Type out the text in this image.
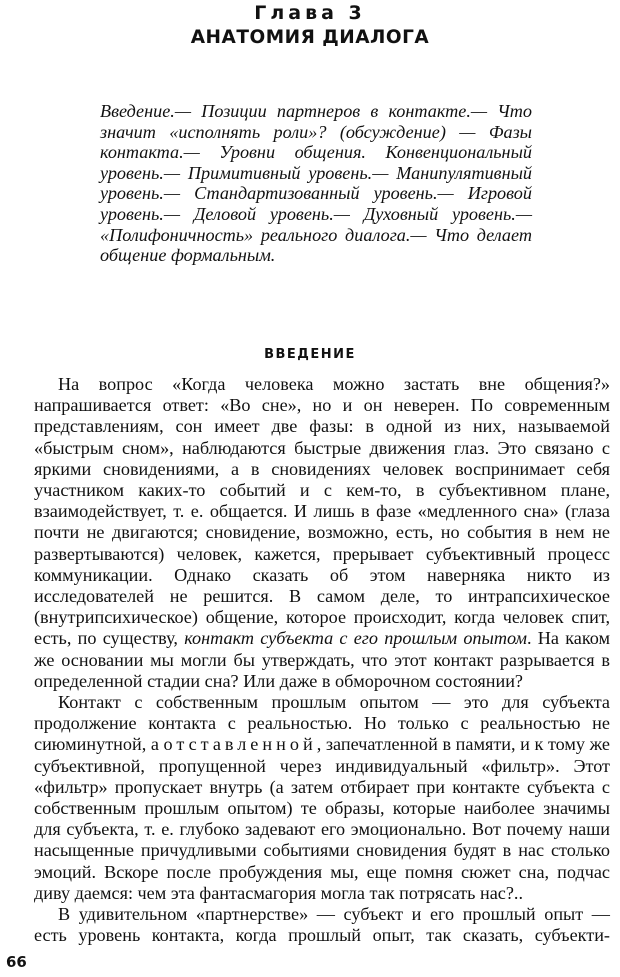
Глава 3
АНАТОМИЯ ДИАЛОГА
Введение.— Позиции партнеров в контакте.— Что значит «исполнять роли»? (обсуждение) — Фазы контакта.— Уровни общения. Конвенциональный уровень.— Примитивный уровень.— Манипулятивный уровень.— Стандартизованный уровень.— Игровой уровень.— Деловой уровень.— Духовный уровень.— «Полифоничность» реального диалога.— Что делает общение формальным.
ВВЕДЕНИЕ

На вопрос «Когда человека можно застать вне общения?» напрашивается ответ: «Во сне», но и он неверен. По современным представлениям, сон имеет две фазы: в одной из них, называемой «быстрым сном», наблюдаются быстрые движения глаз. Это связано с яркими сновидениями, а в сновидениях человек воспринимает себя участником каких-то событий и с кем-то, в субъективном плане, взаимодействует, т. е. общается. И лишь в фазе «медленного сна» (глаза почти не двигаются; сновидение, возможно, есть, но события в нем не развертываются) человек, кажется, прерывает субъективный процесс коммуникации. Однако сказать об этом наверняка никто из исследователей не решится. В самом деле, то интрапсихическое (внутрипсихическое) общение, которое происходит, когда человек спит, есть, по существу, контакт субъекта с его прошлым опытом. На каком же основании мы могли бы утверждать, что этот контакт разрывается в определенной стадии сна? Или даже в обморочном состоянии?

Контакт с собственным прошлым опытом — это для субъекта продолжение контакта с реальностью. Но только с реальностью не сиюминутной, а отставленной, запечатленной в памяти, и к тому же субъективной, пропущенной через индивидуальный «фильтр». Этот «фильтр» пропускает внутрь (а затем отбирает при контакте субъекта с собственным прошлым опытом) те образы, которые наиболее значимы для субъекта, т. е. глубоко задевают его эмоционально. Вот почему наши насыщенные причудливыми событиями сновидения будят в нас столько эмоций. Вскоре после пробуждения мы, еще помня сюжет сна, подчас диву даемся: чем эта фантасмагория могла так потрясать нас?..

В удивительном «партнерстве» — субъект и его прошлый опыт — есть уровень контакта, когда прошлый опыт, так сказать, субъекти-

66
